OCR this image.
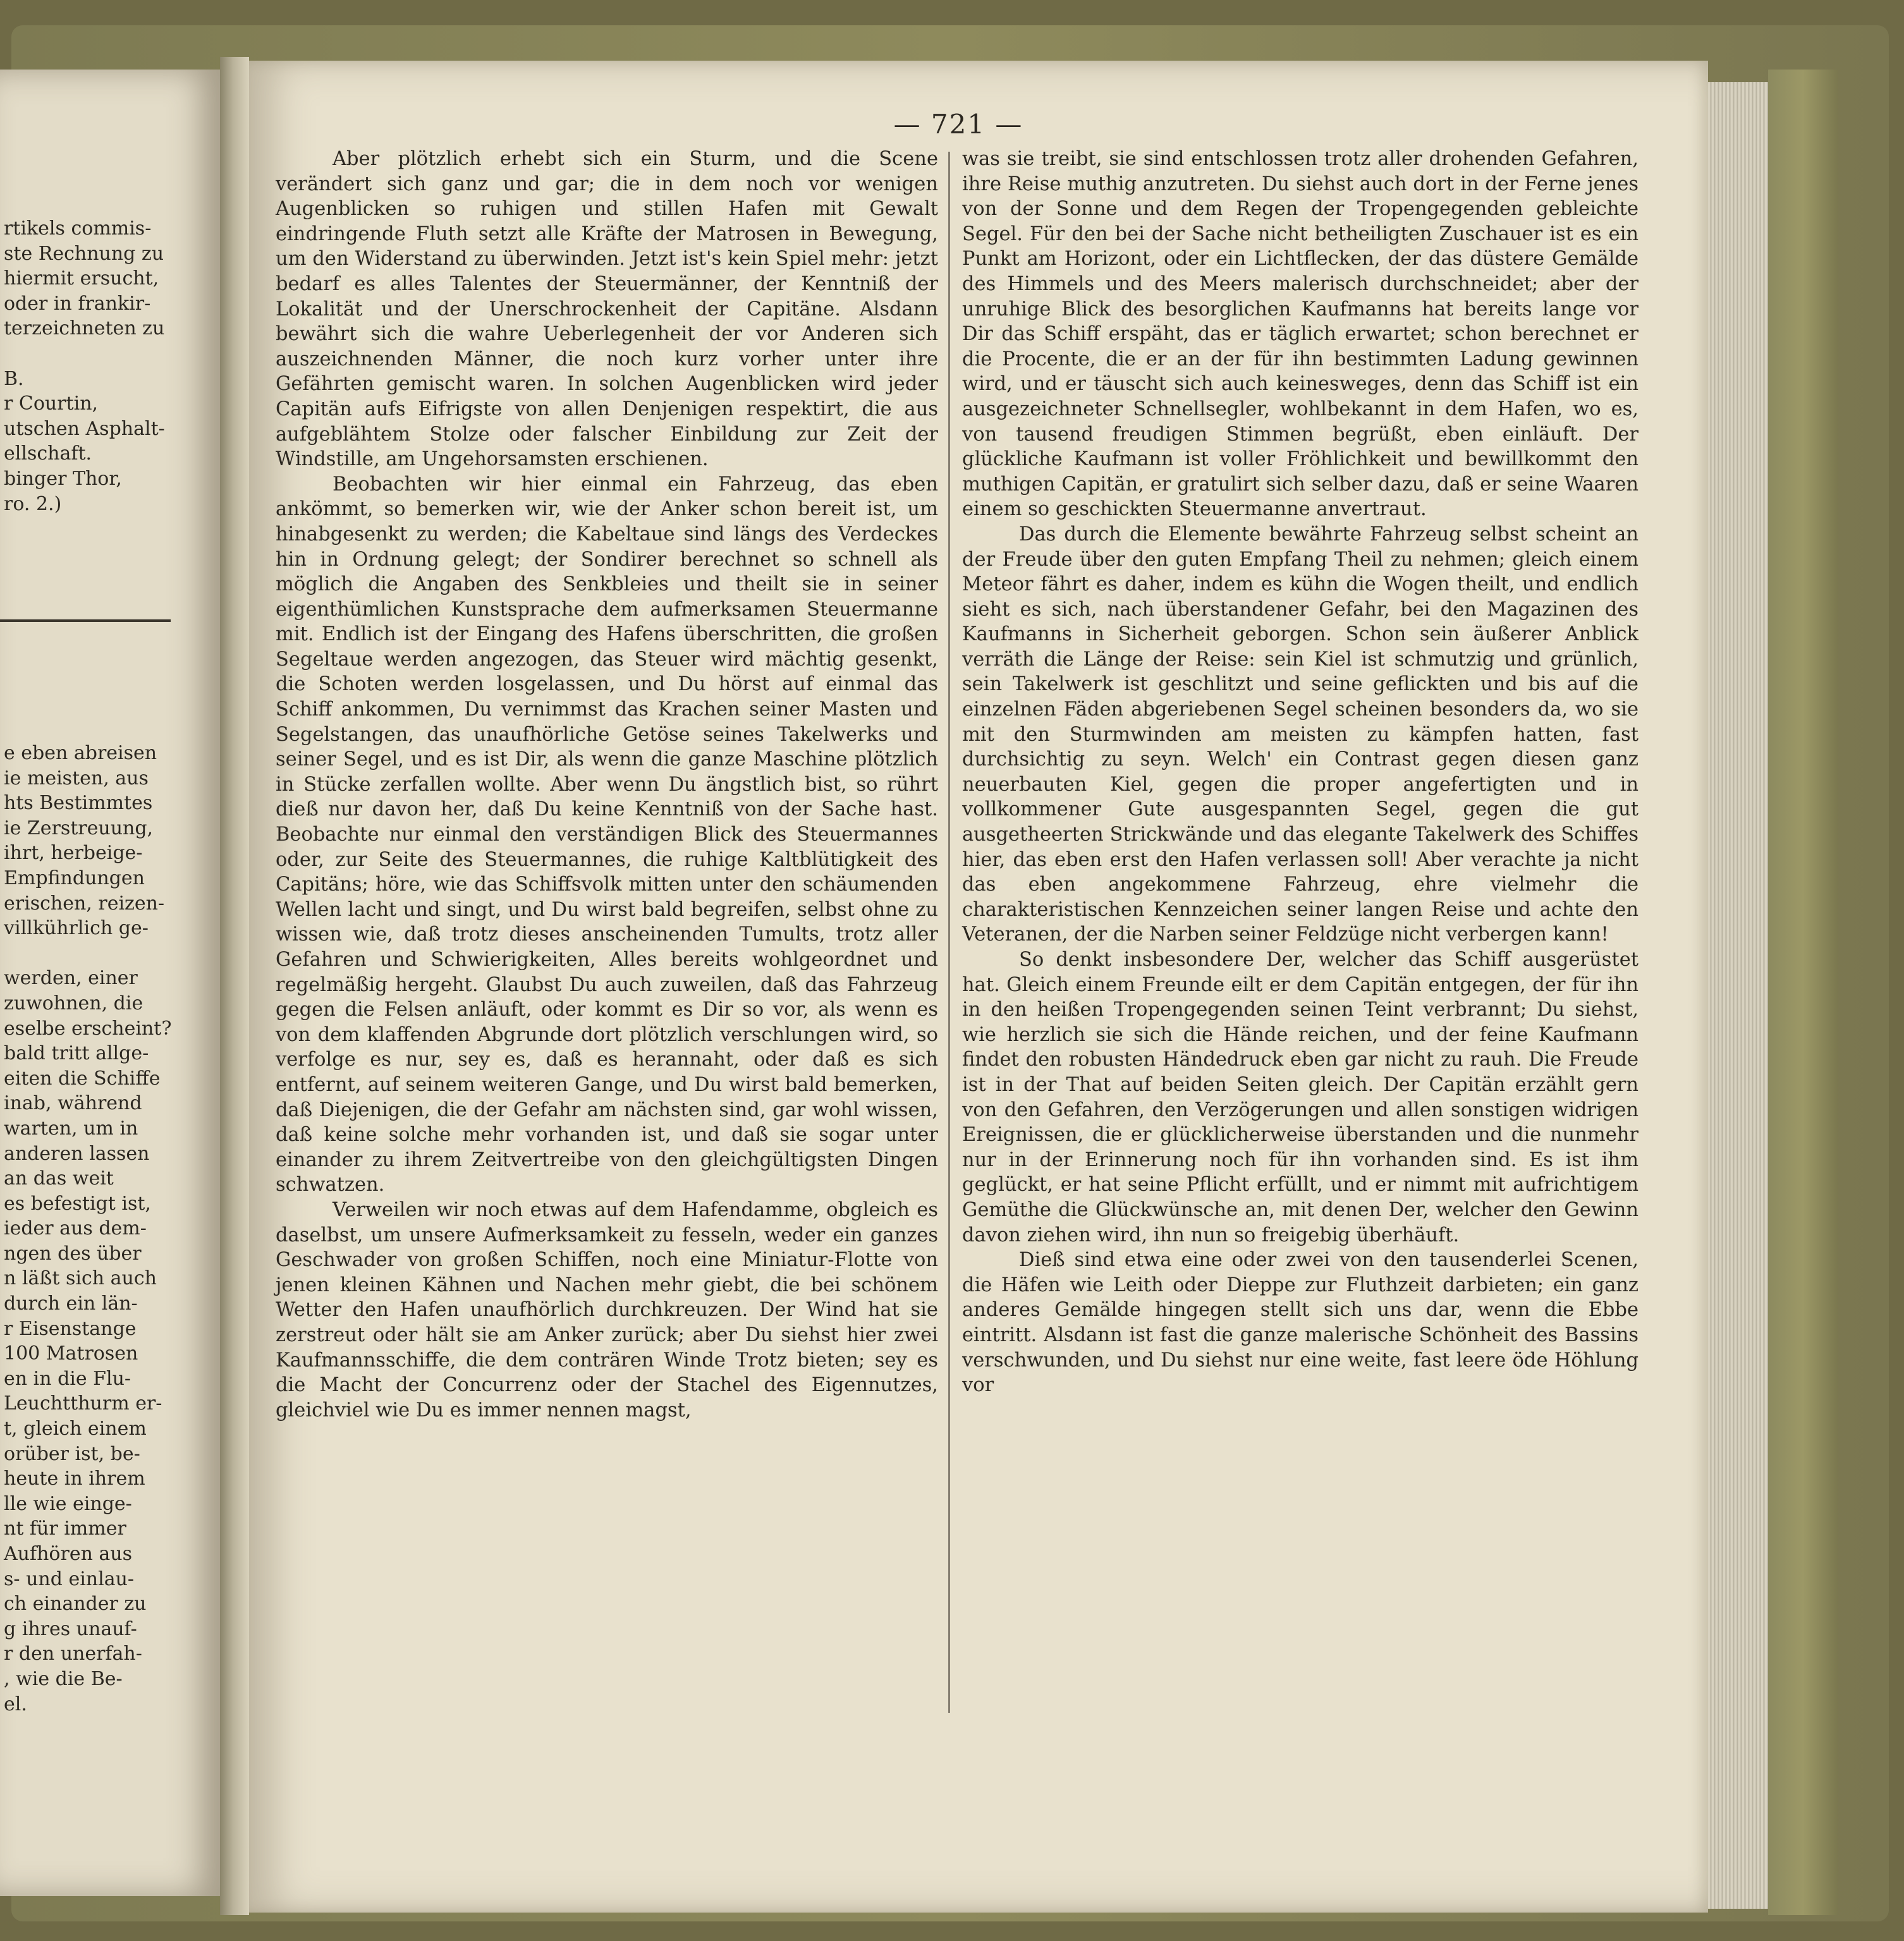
rtikels commis-
ste Rechnung zu
hiermit ersucht,
oder in frankir-
terzeichneten zu
B.
r Courtin,
utschen Asphalt-
ellschaft.
binger Thor,
ro. 2.)
e eben abreisen
ie meisten, aus
hts Bestimmtes
ie Zerstreuung,
ihrt, herbeige-
Empfindungen
erischen, reizen-
villkührlich ge-
werden, einer
zuwohnen, die
eselbe erscheint?
bald tritt allge-
eiten die Schiffe
inab, während
warten, um in
anderen lassen
an das weit
es befestigt ist,
ieder aus dem-
ngen des über
n läßt sich auch
durch ein län-
r Eisenstange
100 Matrosen
en in die Flu-
Leuchtthurm er-
t, gleich einem
orüber ist, be-
heute in ihrem
lle wie einge-
nt für immer
Aufhören aus
s- und einlau-
ch einander zu
g ihres unauf-
r den unerfah-
, wie die Be-
el.
— 721 —

Aber plötzlich erhebt sich ein Sturm, und die Scene verändert sich ganz und gar; die in dem noch vor wenigen Augenblicken so ruhigen und stillen Hafen mit Gewalt eindringende Fluth setzt alle Kräfte der Matrosen in Bewegung, um den Widerstand zu überwinden. Jetzt ist's kein Spiel mehr: jetzt bedarf es alles Talentes der Steuermänner, der Kenntniß der Lokalität und der Unerschrockenheit der Capitäne. Alsdann bewährt sich die wahre Ueberlegenheit der vor Anderen sich auszeichnenden Männer, die noch kurz vorher unter ihre Gefährten gemischt waren. In solchen Augenblicken wird jeder Capitän aufs Eifrigste von allen Denjenigen respektirt, die aus aufgeblähtem Stolze oder falscher Einbildung zur Zeit der Windstille, am Ungehorsamsten erschienen.

Beobachten wir hier einmal ein Fahrzeug, das eben ankömmt, so bemerken wir, wie der Anker schon bereit ist, um hinabgesenkt zu werden; die Kabeltaue sind längs des Verdeckes hin in Ordnung gelegt; der Sondirer berechnet so schnell als möglich die Angaben des Senkbleies und theilt sie in seiner eigenthümlichen Kunstsprache dem aufmerksamen Steuermanne mit. Endlich ist der Eingang des Hafens überschritten, die großen Segeltaue werden angezogen, das Steuer wird mächtig gesenkt, die Schoten werden losgelassen, und Du hörst auf einmal das Schiff ankommen, Du vernimmst das Krachen seiner Masten und Segelstangen, das unaufhörliche Getöse seines Takelwerks und seiner Segel, und es ist Dir, als wenn die ganze Maschine plötzlich in Stücke zerfallen wollte. Aber wenn Du ängstlich bist, so rührt dieß nur davon her, daß Du keine Kenntniß von der Sache hast. Beobachte nur einmal den verständigen Blick des Steuermannes oder, zur Seite des Steuermannes, die ruhige Kaltblütigkeit des Capitäns; höre, wie das Schiffsvolk mitten unter den schäumenden Wellen lacht und singt, und Du wirst bald begreifen, selbst ohne zu wissen wie, daß trotz dieses anscheinenden Tumults, trotz aller Gefahren und Schwierigkeiten, Alles bereits wohlgeordnet und regelmäßig hergeht. Glaubst Du auch zuweilen, daß das Fahrzeug gegen die Felsen anläuft, oder kommt es Dir so vor, als wenn es von dem klaffenden Abgrunde dort plötzlich verschlungen wird, so verfolge es nur, sey es, daß es herannaht, oder daß es sich entfernt, auf seinem weiteren Gange, und Du wirst bald bemerken, daß Diejenigen, die der Gefahr am nächsten sind, gar wohl wissen, daß keine solche mehr vorhanden ist, und daß sie sogar unter einander zu ihrem Zeitvertreibe von den gleichgültigsten Dingen schwatzen.

Verweilen wir noch etwas auf dem Hafendamme, obgleich es daselbst, um unsere Aufmerksamkeit zu fesseln, weder ein ganzes Geschwader von großen Schiffen, noch eine Miniatur-Flotte von jenen kleinen Kähnen und Nachen mehr giebt, die bei schönem Wetter den Hafen unaufhörlich durchkreuzen. Der Wind hat sie zerstreut oder hält sie am Anker zurück; aber Du siehst hier zwei Kaufmannsschiffe, die dem conträren Winde Trotz bieten; sey es die Macht der Concurrenz oder der Stachel des Eigennutzes, gleichviel wie Du es immer nennen magst,

was sie treibt, sie sind entschlossen trotz aller drohenden Gefahren, ihre Reise muthig anzutreten. Du siehst auch dort in der Ferne jenes von der Sonne und dem Regen der Tropengegenden gebleichte Segel. Für den bei der Sache nicht betheiligten Zuschauer ist es ein Punkt am Horizont, oder ein Lichtflecken, der das düstere Gemälde des Himmels und des Meers malerisch durchschneidet; aber der unruhige Blick des besorglichen Kaufmanns hat bereits lange vor Dir das Schiff erspäht, das er täglich erwartet; schon berechnet er die Procente, die er an der für ihn bestimmten Ladung gewinnen wird, und er täuscht sich auch keinesweges, denn das Schiff ist ein ausgezeichneter Schnellsegler, wohlbekannt in dem Hafen, wo es, von tausend freudigen Stimmen begrüßt, eben einläuft. Der glückliche Kaufmann ist voller Fröhlichkeit und bewillkommt den muthigen Capitän, er gratulirt sich selber dazu, daß er seine Waaren einem so geschickten Steuermanne anvertraut.

Das durch die Elemente bewährte Fahrzeug selbst scheint an der Freude über den guten Empfang Theil zu nehmen; gleich einem Meteor fährt es daher, indem es kühn die Wogen theilt, und endlich sieht es sich, nach überstandener Gefahr, bei den Magazinen des Kaufmanns in Sicherheit geborgen. Schon sein äußerer Anblick verräth die Länge der Reise: sein Kiel ist schmutzig und grünlich, sein Takelwerk ist geschlitzt und seine geflickten und bis auf die einzelnen Fäden abgeriebenen Segel scheinen besonders da, wo sie mit den Sturmwinden am meisten zu kämpfen hatten, fast durchsichtig zu seyn. Welch' ein Contrast gegen diesen ganz neuerbauten Kiel, gegen die proper angefertigten und in vollkommener Gute ausgespannten Segel, gegen die gut ausgetheerten Strickwände und das elegante Takelwerk des Schiffes hier, das eben erst den Hafen verlassen soll! Aber verachte ja nicht das eben angekommene Fahrzeug, ehre vielmehr die charakteristischen Kennzeichen seiner langen Reise und achte den Veteranen, der die Narben seiner Feldzüge nicht verbergen kann!

So denkt insbesondere Der, welcher das Schiff ausgerüstet hat. Gleich einem Freunde eilt er dem Capitän entgegen, der für ihn in den heißen Tropengegenden seinen Teint verbrannt; Du siehst, wie herzlich sie sich die Hände reichen, und der feine Kaufmann findet den robusten Händedruck eben gar nicht zu rauh. Die Freude ist in der That auf beiden Seiten gleich. Der Capitän erzählt gern von den Gefahren, den Verzögerungen und allen sonstigen widrigen Ereignissen, die er glücklicherweise überstanden und die nunmehr nur in der Erinnerung noch für ihn vorhanden sind. Es ist ihm geglückt, er hat seine Pflicht erfüllt, und er nimmt mit aufrichtigem Gemüthe die Glückwünsche an, mit denen Der, welcher den Gewinn davon ziehen wird, ihn nun so freigebig überhäuft.

Dieß sind etwa eine oder zwei von den tausenderlei Scenen, die Häfen wie Leith oder Dieppe zur Fluthzeit darbieten; ein ganz anderes Gemälde hingegen stellt sich uns dar, wenn die Ebbe eintritt. Alsdann ist fast die ganze malerische Schönheit des Bassins verschwunden, und Du siehst nur eine weite, fast leere öde Höhlung vor
